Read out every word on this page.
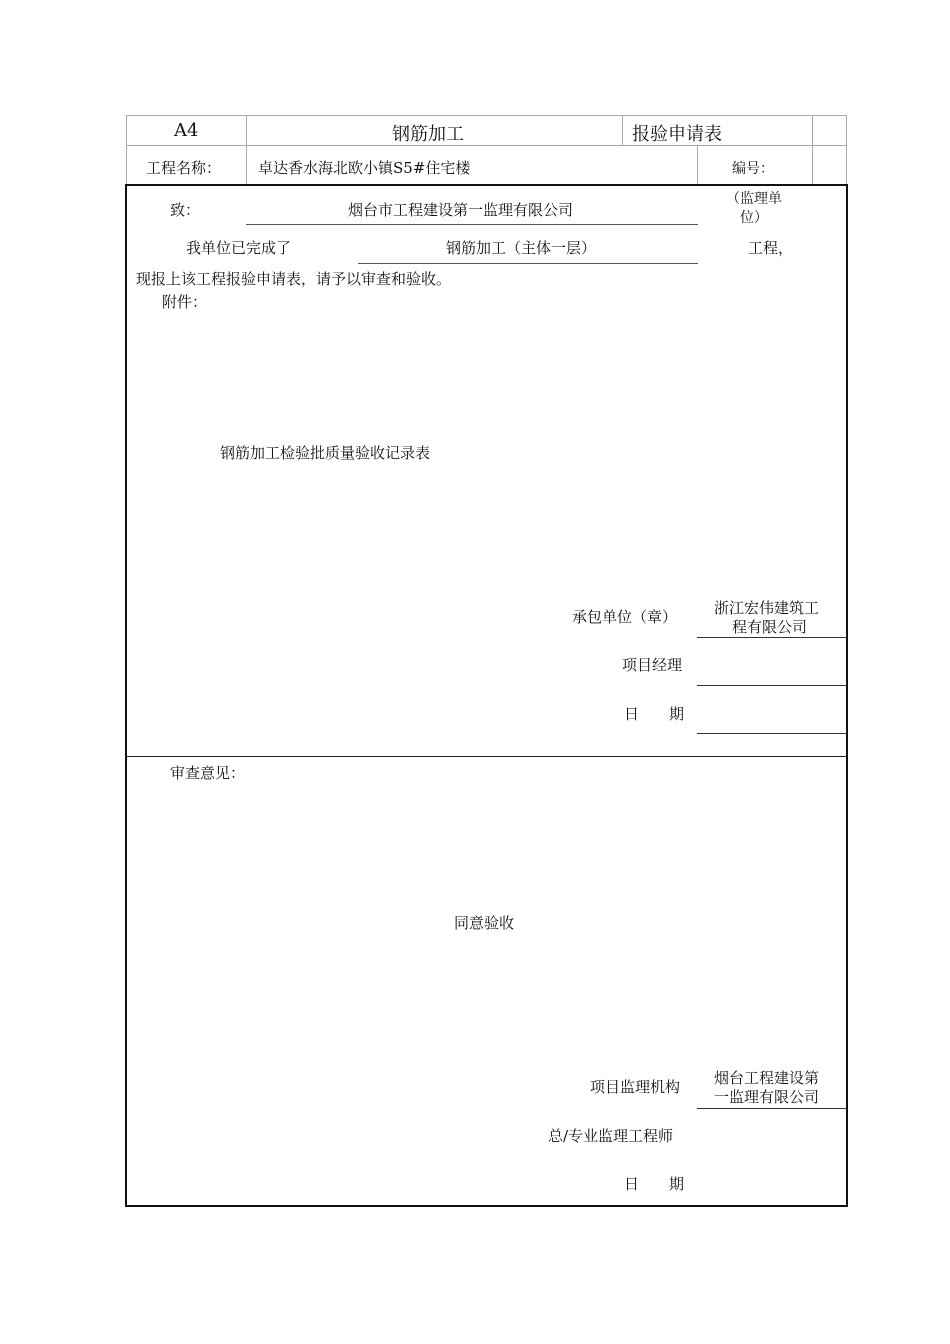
A4	钢筋加工	报验申请表
工程名称： 卓达香水海北欧小镇S5#住宅楼	编号：
致：	烟台市工程建设第一监理有限公司
（监理单
位）
我单位已完成了	钢筋加工（主体一层）	工程，
现报上该工程报验申请表，请予以审查和验收。
附件：
钢筋加工检验批质量验收记录表
承包单位（章） 浙江宏伟建筑工
程有限公司
项目经理
日　　期
审查意见：
同意验收
项目监理机构 烟台工程建设第
一监理有限公司
总/专业监理工程师
日　　期
